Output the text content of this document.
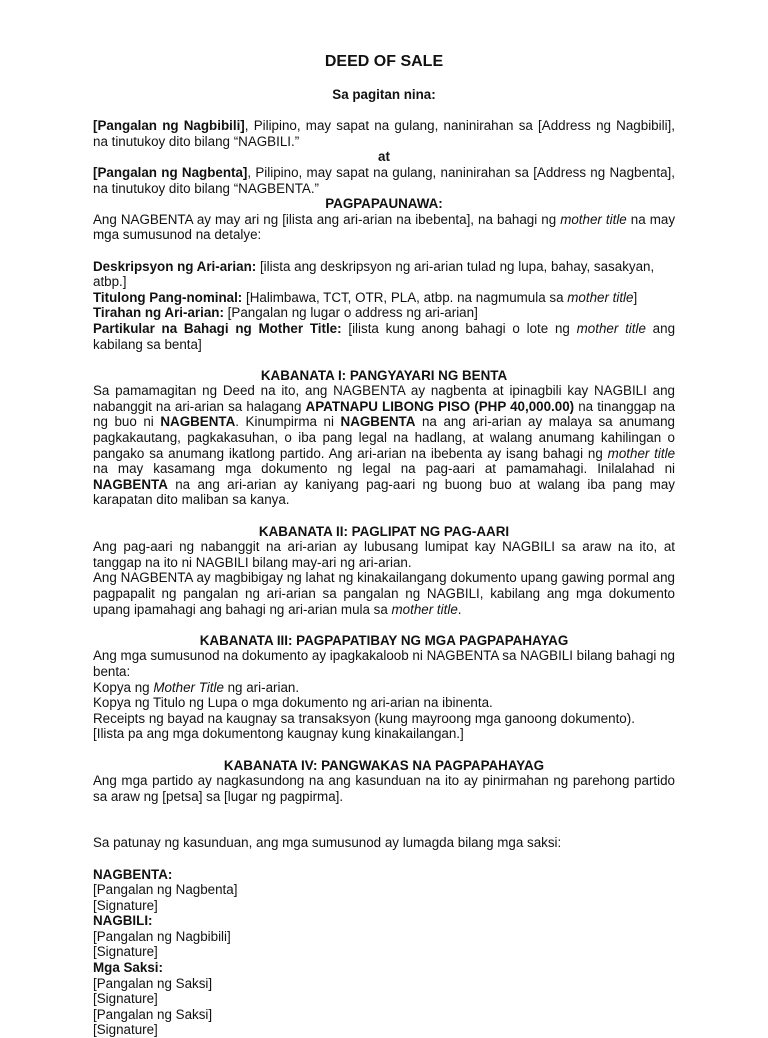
DEED OF SALE

Sa pagitan nina:

[Pangalan ng Nagbibili], Pilipino, may sapat na gulang, naninirahan sa [Address ng Nagbibili], na tinutukoy dito bilang “NAGBILI.”

at

[Pangalan ng Nagbenta], Pilipino, may sapat na gulang, naninirahan sa [Address ng Nagbenta], na tinutukoy dito bilang “NAGBENTA.”

PAGPAPAUNAWA:

Ang NAGBENTA ay may ari ng [ilista ang ari-arian na ibebenta], na bahagi ng mother title na may mga sumusunod na detalye:

Deskripsyon ng Ari-arian: [ilista ang deskripsyon ng ari-arian tulad ng lupa, bahay, sasakyan, atbp.]

Titulong Pang-nominal: [Halimbawa, TCT, OTR, PLA, atbp. na nagmumula sa mother title]

Tirahan ng Ari-arian: [Pangalan ng lugar o address ng ari-arian]

Partikular na Bahagi ng Mother Title: [ilista kung anong bahagi o lote ng mother title ang kabilang sa benta]

KABANATA I: PANGYAYARI NG BENTA

Sa pamamagitan ng Deed na ito, ang NAGBENTA ay nagbenta at ipinagbili kay NAGBILI ang nabanggit na ari-arian sa halagang APATNAPU LIBONG PISO (PHP 40,000.00) na tinanggap na ng buo ni NAGBENTA. Kinumpirma ni NAGBENTA na ang ari-arian ay malaya sa anumang pagkakautang, pagkakasuhan, o iba pang legal na hadlang, at walang anumang kahilingan o pangako sa anumang ikatlong partido. Ang ari-arian na ibebenta ay isang bahagi ng mother title na may kasamang mga dokumento ng legal na pag-aari at pamamahagi. Inilalahad ni NAGBENTA na ang ari-arian ay kaniyang pag-aari ng buong buo at walang iba pang may karapatan dito maliban sa kanya.

KABANATA II: PAGLIPAT NG PAG-AARI

Ang pag-aari ng nabanggit na ari-arian ay lubusang lumipat kay NAGBILI sa araw na ito, at tanggap na ito ni NAGBILI bilang may-ari ng ari-arian.

Ang NAGBENTA ay magbibigay ng lahat ng kinakailangang dokumento upang gawing pormal ang pagpapalit ng pangalan ng ari-arian sa pangalan ng NAGBILI, kabilang ang mga dokumento upang ipamahagi ang bahagi ng ari-arian mula sa mother title.

KABANATA III: PAGPAPATIBAY NG MGA PAGPAPAHAYAG

Ang mga sumusunod na dokumento ay ipagkakaloob ni NAGBENTA sa NAGBILI bilang bahagi ng benta:

Kopya ng Mother Title ng ari-arian.

Kopya ng Titulo ng Lupa o mga dokumento ng ari-arian na ibinenta.

Receipts ng bayad na kaugnay sa transaksyon (kung mayroong mga ganoong dokumento).

[Ilista pa ang mga dokumentong kaugnay kung kinakailangan.]

KABANATA IV: PANGWAKAS NA PAGPAPAHAYAG

Ang mga partido ay nagkasundong na ang kasunduan na ito ay pinirmahan ng parehong partido sa araw ng [petsa] sa [lugar ng pagpirma].

Sa patunay ng kasunduan, ang mga sumusunod ay lumagda bilang mga saksi:

NAGBENTA:

[Pangalan ng Nagbenta]

[Signature]

NAGBILI:

[Pangalan ng Nagbibili]

[Signature]

Mga Saksi:

[Pangalan ng Saksi]

[Signature]

[Pangalan ng Saksi]

[Signature]
